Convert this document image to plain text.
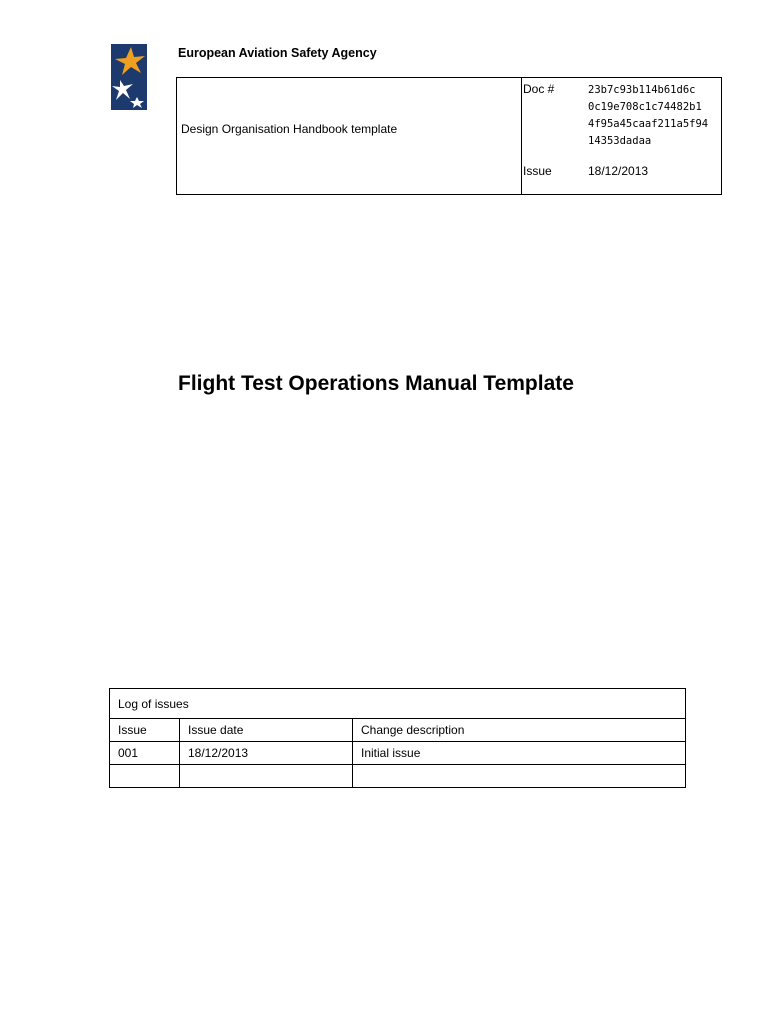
European Aviation Safety Agency
Design Organisation Handbook template
Doc #	23b7c93b114b61d6c
0c19e708c1c74482b1
4f95a45caaf211a5f94
14353dadaa
Issue	18/12/2013
Flight Test Operations Manual Template
Log of issues		
Issue	Issue date	Change description
001	18/12/2013	Initial issue
